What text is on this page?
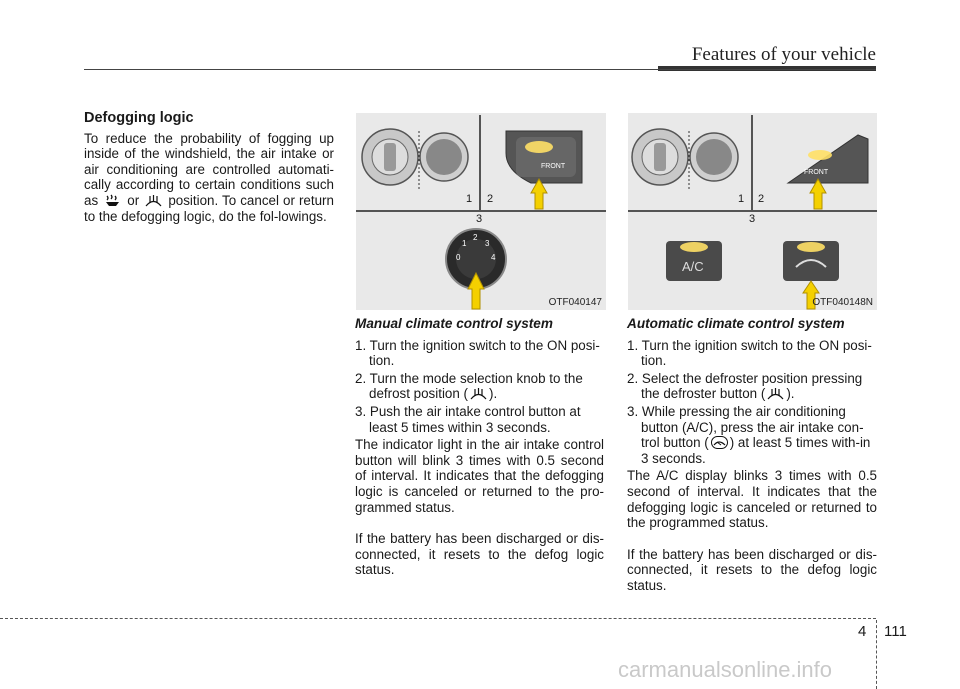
Features of your vehicle
Defogging logic

To reduce the probability of fogging up inside of the windshield, the air intake or air conditioning are controlled automati-cally according to certain conditions such as or position. To cancel or return to the defogging logic, do the fol-lowings.

1 2
3
FRONT
0
1
2
3
4
OTF040147
1 2
3
A/C
FRONT
OTF040148N
Manual climate control system
1. Turn the ignition switch to the ON posi-tion.
2. Turn the mode selection knob to the defrost position ( ).
3. Push the air intake control button at least 5 times within 3 seconds.

The indicator light in the air intake control button will blink 3 times with 0.5 second of interval. It indicates that the defogging logic is canceled or returned to the pro-grammed status.

If the battery has been discharged or dis-connected, it resets to the defog logic status.

Automatic climate control system
1. Turn the ignition switch to the ON posi-tion.
2. Select the defroster position pressing the defroster button ( ).
3. While pressing the air conditioning button (A/C), press the air intake con-trol button ( ) at least 5 times with-in 3 seconds.

The A/C display blinks 3 times with 0.5 second of interval. It indicates that the defogging logic is canceled or returned to the programmed status.

If the battery has been discharged or dis-connected, it resets to the defog logic status.

4 111
carmanualsonline.info
